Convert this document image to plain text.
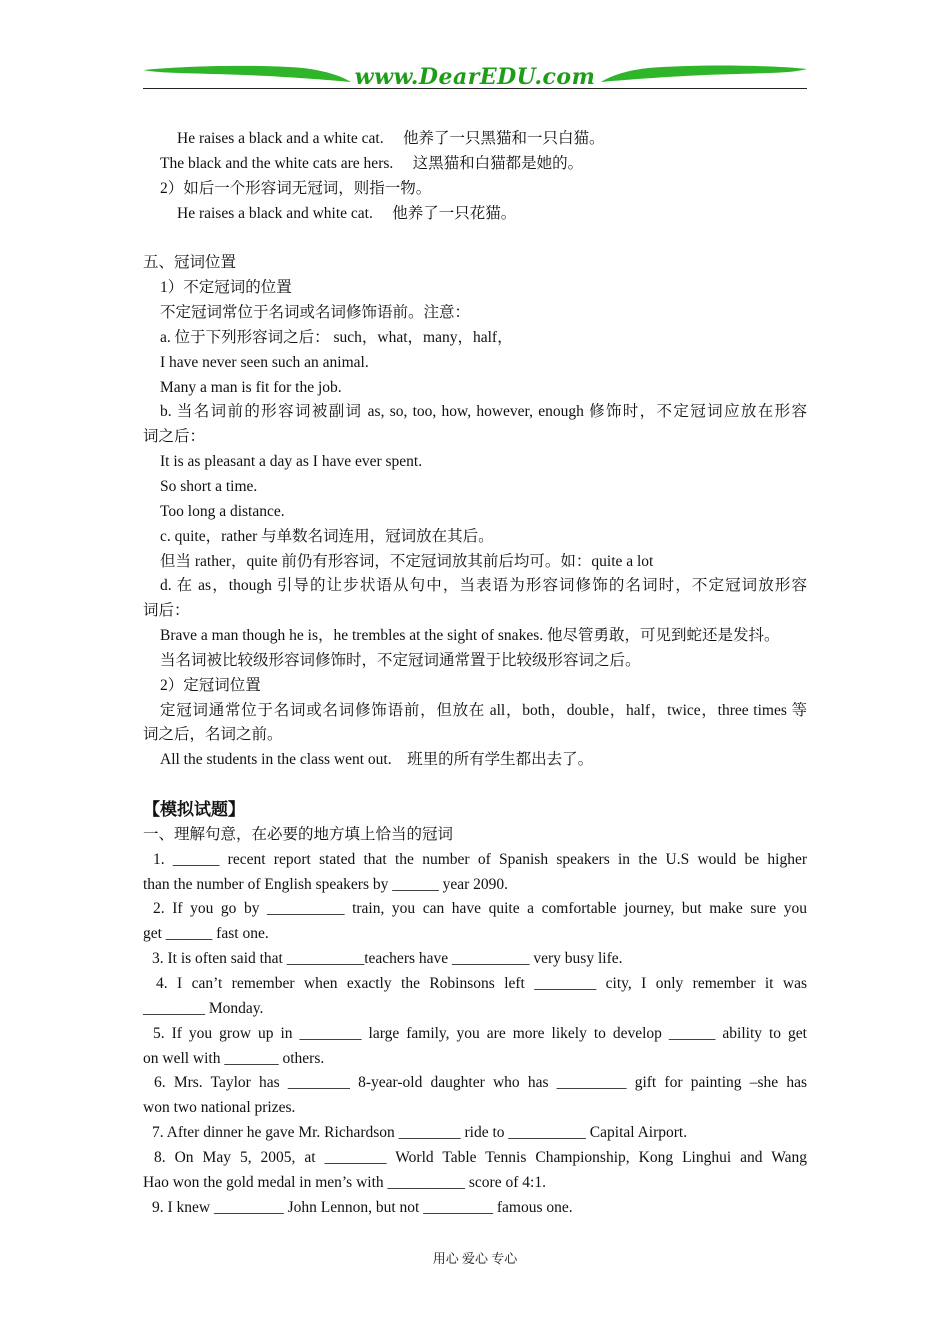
www.DearEDU.com
He raises a black and a white cat.     他养了一只黑猫和一只白猫。
The black and the white cats are hers.     这黑猫和白猫都是她的。
2）如后一个形容词无冠词，则指一物。
He raises a black and white cat.     他养了一只花猫。
五、冠词位置
1）不定冠词的位置
不定冠词常位于名词或名词修饰语前。注意：
a. 位于下列形容词之后： such，what，many，half，
I have never seen such an animal.
Many a man is fit for the job.
b. 当名词前的形容词被副词 as, so, too, how, however, enough 修饰时，不定冠词应放在形容
词之后：
It is as pleasant a day as I have ever spent.
So short a time.
Too long a distance.
c. quite，rather 与单数名词连用，冠词放在其后。
但当 rather，quite 前仍有形容词，不定冠词放其前后均可。如：quite a lot
d. 在 as，though 引导的让步状语从句中，当表语为形容词修饰的名词时，不定冠词放形容
词后：
Brave a man though he is，he trembles at the sight of snakes. 他尽管勇敢，可见到蛇还是发抖。
当名词被比较级形容词修饰时，不定冠词通常置于比较级形容词之后。
2）定冠词位置
定冠词通常位于名词或名词修饰语前，但放在 all，both，double，half，twice，three times 等
词之后，名词之前。
All the students in the class went out.    班里的所有学生都出去了。
【模拟试题】
一、理解句意，在必要的地方填上恰当的冠词
1. ______ recent report stated that the number of Spanish speakers in the U.S would be higher
than the number of English speakers by ______ year 2090.
2. If you go by __________ train, you can have quite a comfortable journey, but make sure you
get ______ fast one.
3. It is often said that __________teachers have __________ very busy life.
4. I can’t remember when exactly the Robinsons left ________ city, I only remember it was
________ Monday.
5. If you grow up in ________ large family, you are more likely to develop ______ ability to get
on well with _______ others.
6. Mrs. Taylor has ________ 8-year-old daughter who has _________ gift for painting –she has
won two national prizes.
7. After dinner he gave Mr. Richardson ________ ride to __________ Capital Airport.
8. On May 5, 2005, at ________ World Table Tennis Championship, Kong Linghui and Wang
Hao won the gold medal in men’s with __________ score of 4:1.
9. I knew _________ John Lennon, but not _________ famous one.
用心 爱心 专心
